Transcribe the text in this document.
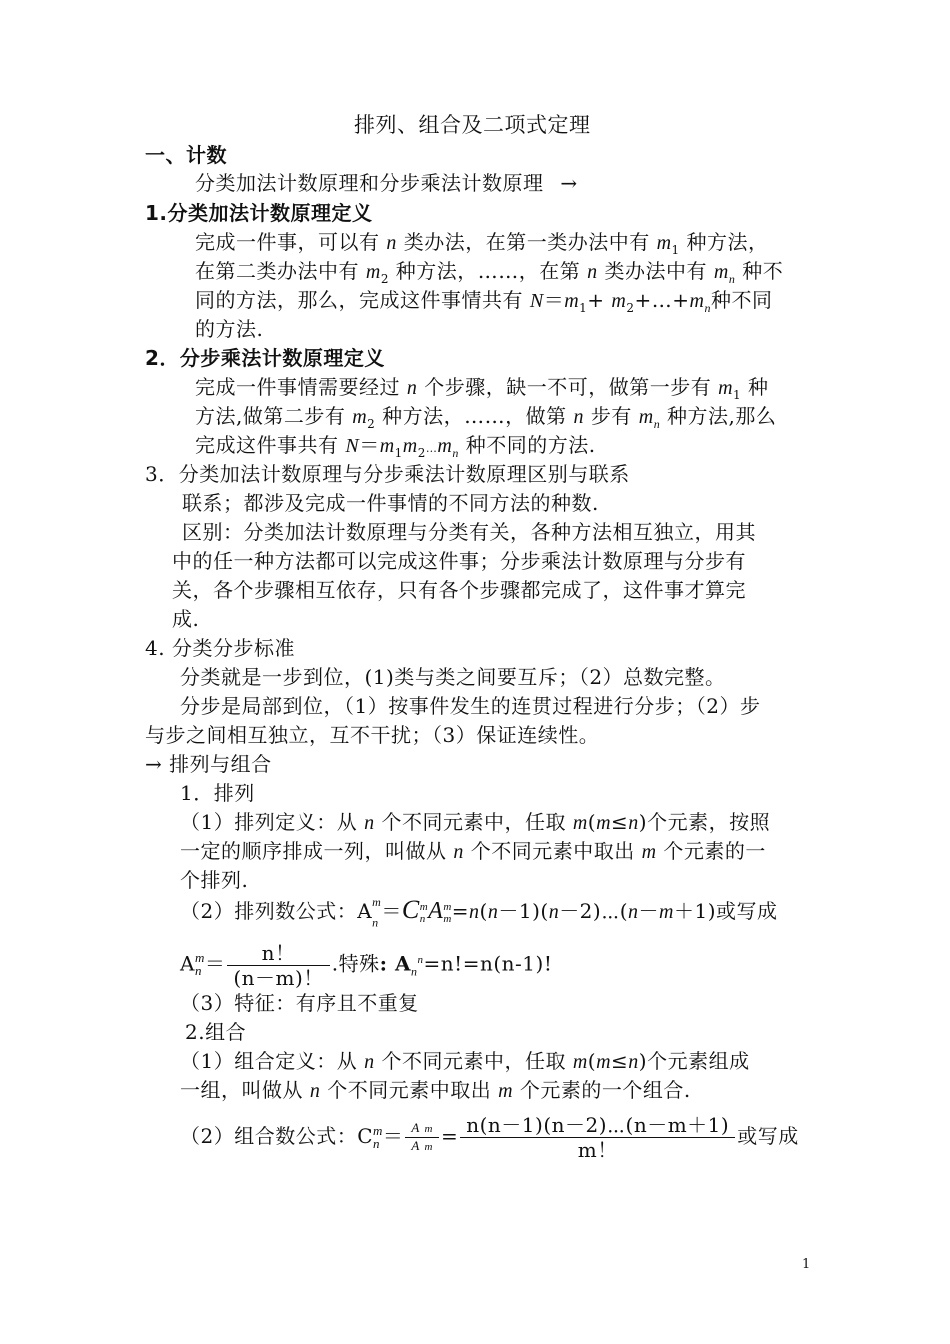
排列、组合及二项式定理
一、计数
分类加法计数原理和分步乘法计数原理 →
1.分类加法计数原理定义
完成一件事，可以有 n 类办法，在第一类办法中有 $m_1$ 种方法，
在第二类办法中有 $m_2$ 种方法，……，在第 n 类办法中有 $m_n$ 种不
同的方法，那么，完成这件事情共有 $N=m_1+$ $m_2+\dots+m_n$种不同
的方法.
2．分步乘法计数原理定义
完成一件事情需要经过 n 个步骤，缺一不可，做第一步有 $m_1$ 种
方法,做第二步有 $m_2$ 种方法，……，做第 n 步有 $m_n$ 种方法,那么
完成这件事共有 $N=m_1m_2\dots m_n$ 种不同的方法.
3．分类加法计数原理与分步乘法计数原理区别与联系
联系；都涉及完成一件事情的不同方法的种数.
区别：分类加法计数原理与分类有关，各种方法相互独立，用其
中的任一种方法都可以完成这件事；分步乘法计数原理与分步有
关，各个步骤相互依存，只有各个步骤都完成了，这件事才算完
成.
4. 分类分步标准
分类就是一步到位，(1)类与类之间要互斥；（2）总数完整。
分步是局部到位，（1）按事件发生的连贯过程进行分步；（2）步
与步之间相互独立，互不干扰；（3）保证连续性。
→ 排列与组合
1．排列
（1）排列定义：从 n 个不同元素中，任取 m(m≤n)个元素，按照
一定的顺序排成一列，叫做从 n 个不同元素中取出 m 个元素的一
个排列.
（2）排列数公式：$A^m$
$_n$ ＝Cm
n Am
m=n(n－1)(n－2)⋯(n－m＋1)或写成
Am
$n = \frac{n!}{(n-m)!}$ .特殊: $A_n^n=n!=n(n-1)$!
（3）特征：有序且不重复
2.组合
（1）组合定义：从 n 个不同元素中，任取 m(m≤n)个元素组成
一组，叫做从 n 个不同元素中取出 m 个元素的一个组合.
（2）组合数公式：Cm
$n = \frac{\text{A m}}{\text{A m}} = \frac{n(n-1)(n-2)\cdots(n-m+1)}{m!}$ 或写成
1
